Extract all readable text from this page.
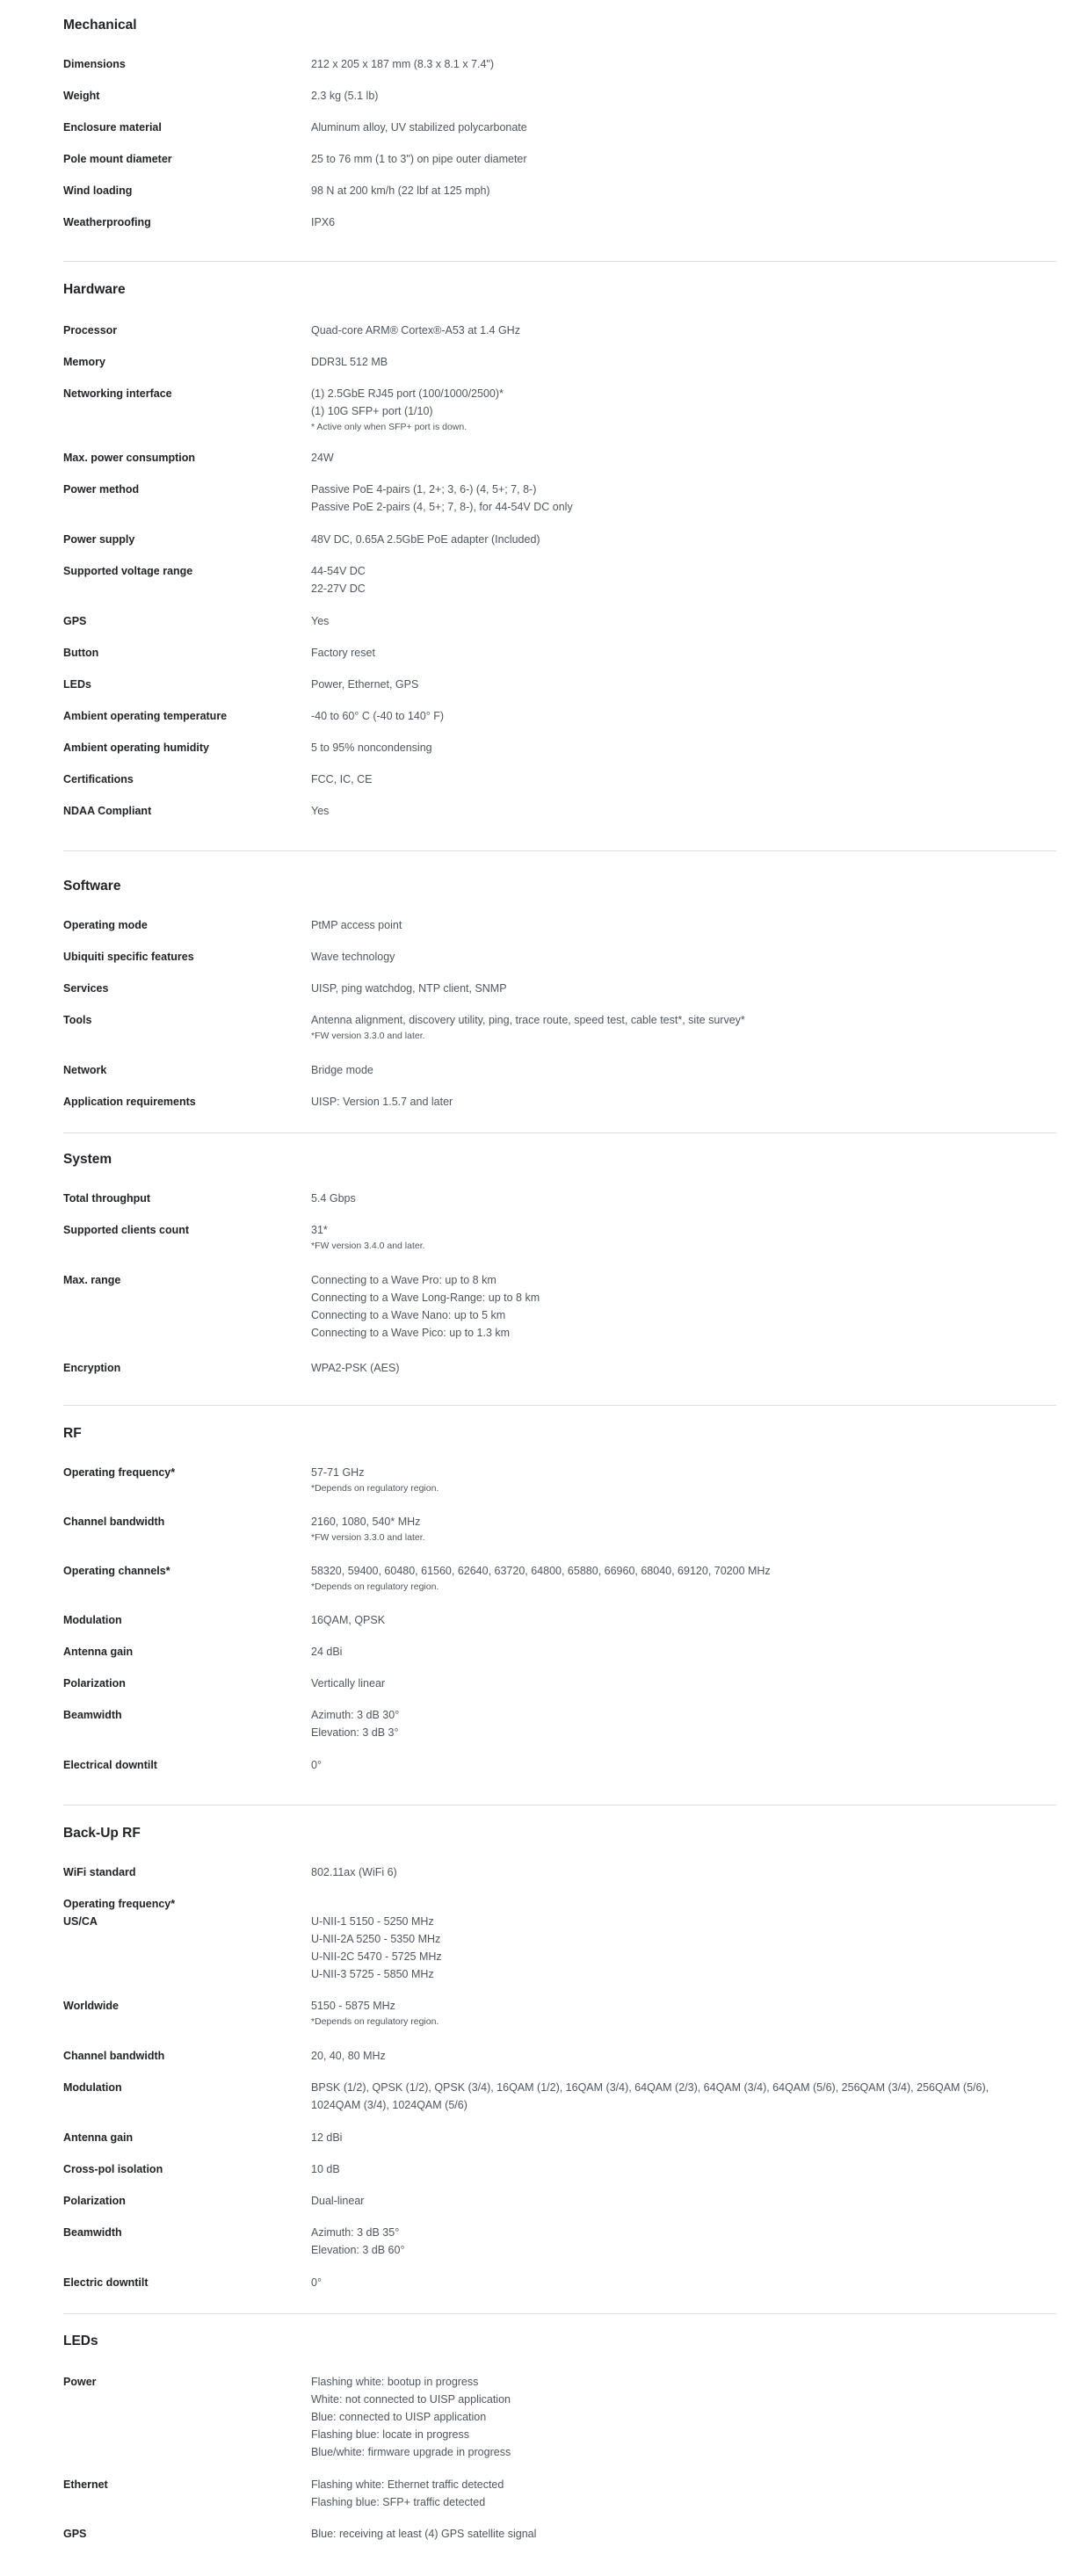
Mechanical
Dimensions	212 x 205 x 187 mm (8.3 x 8.1 x 7.4")
Weight	2.3 kg (5.1 lb)
Enclosure material	Aluminum alloy, UV stabilized polycarbonate
Pole mount diameter	25 to 76 mm (1 to 3") on pipe outer diameter
Wind loading	98 N at 200 km/h (22 lbf at 125 mph)
Weatherproofing	IPX6
Hardware
Processor	Quad-core ARM® Cortex®-A53 at 1.4 GHz
Memory	DDR3L 512 MB
Networking interface	(1) 2.5GbE RJ45 port (100/1000/2500)*
(1) 10G SFP+ port (1/10)
* Active only when SFP+ port is down.
Max. power consumption	24W
Power method	Passive PoE 4-pairs (1, 2+; 3, 6-) (4, 5+; 7, 8-)
Passive PoE 2-pairs (4, 5+; 7, 8-), for 44-54V DC only
Power supply	48V DC, 0.65A 2.5GbE PoE adapter (Included)
Supported voltage range	44-54V DC
22-27V DC
GPS	Yes
Button	Factory reset
LEDs	Power, Ethernet, GPS
Ambient operating temperature	-40 to 60° C (-40 to 140° F)
Ambient operating humidity	5 to 95% noncondensing
Certifications	FCC, IC, CE
NDAA Compliant	Yes
Software
Operating mode	PtMP access point
Ubiquiti specific features	Wave technology
Services	UISP, ping watchdog, NTP client, SNMP
Tools	Antenna alignment, discovery utility, ping, trace route, speed test, cable test*, site survey*
*FW version 3.3.0 and later.
Network	Bridge mode
Application requirements	UISP: Version 1.5.7 and later
System
Total throughput	5.4 Gbps
Supported clients count	31*
*FW version 3.4.0 and later.
Max. range	Connecting to a Wave Pro: up to 8 km
Connecting to a Wave Long-Range: up to 8 km
Connecting to a Wave Nano: up to 5 km
Connecting to a Wave Pico: up to 1.3 km
Encryption	WPA2-PSK (AES)
RF
Operating frequency*	57-71 GHz
*Depends on regulatory region.
Channel bandwidth	2160, 1080, 540* MHz
*FW version 3.3.0 and later.
Operating channels*	58320, 59400, 60480, 61560, 62640, 63720, 64800, 65880, 66960, 68040, 69120, 70200 MHz
*Depends on regulatory region.
Modulation	16QAM, QPSK
Antenna gain	24 dBi
Polarization	Vertically linear
Beamwidth	Azimuth: 3 dB 30°
Elevation: 3 dB 3°
Electrical downtilt	0°
Back-Up RF
WiFi standard	802.11ax (WiFi 6)
Operating frequency*
US/CA	U-NII-1 5150 - 5250 MHz
U-NII-2A 5250 - 5350 MHz
U-NII-2C 5470 - 5725 MHz
U-NII-3 5725 - 5850 MHz
Worldwide	5150 - 5875 MHz
*Depends on regulatory region.
Channel bandwidth	20, 40, 80 MHz
Modulation	BPSK (1/2), QPSK (1/2), QPSK (3/4), 16QAM (1/2), 16QAM (3/4), 64QAM (2/3), 64QAM (3/4), 64QAM (5/6), 256QAM (3/4), 256QAM (5/6),
1024QAM (3/4), 1024QAM (5/6)
Antenna gain	12 dBi
Cross-pol isolation	10 dB
Polarization	Dual-linear
Beamwidth	Azimuth: 3 dB 35°
Elevation: 3 dB 60°
Electric downtilt	0°
LEDs
Power	Flashing white: bootup in progress
White: not connected to UISP application
Blue: connected to UISP application
Flashing blue: locate in progress
Blue/white: firmware upgrade in progress
Ethernet	Flashing white: Ethernet traffic detected
Flashing blue: SFP+ traffic detected
GPS	Blue: receiving at least (4) GPS satellite signal
